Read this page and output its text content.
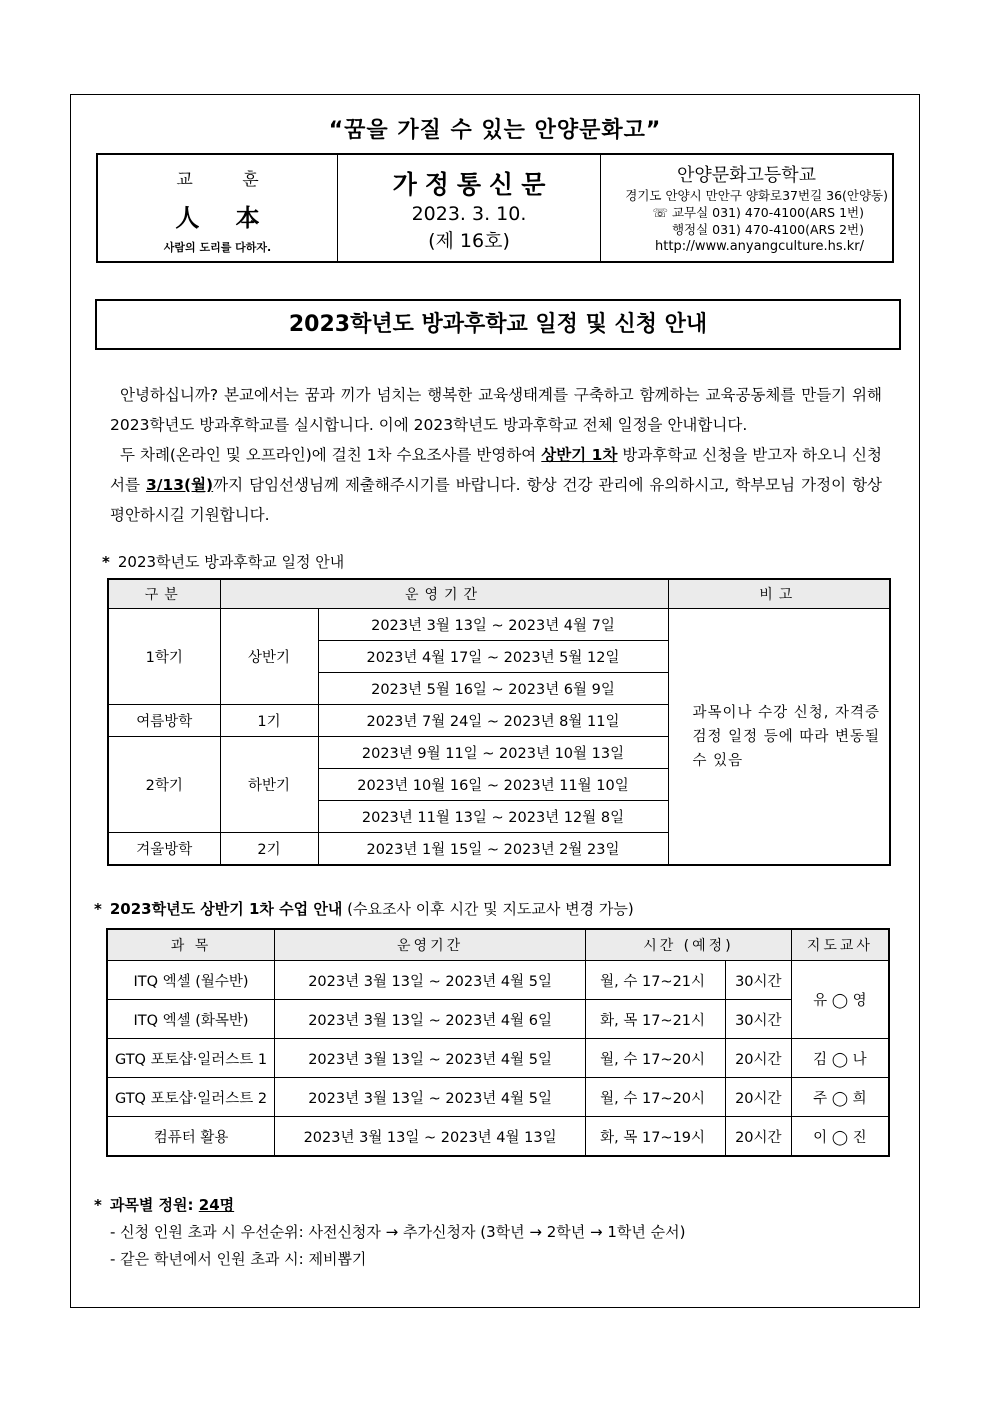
“꿈을 가질 수 있는 안양문화고”
교 훈
人 本
사람의 도리를 다하자.
가정통신문
2023. 3. 10.
(제 16호)
안양문화고등학교
경기도 안양시 만안구 양화로37번길 36(안양동)
☏ 교무실 031) 470-4100(ARS 1번)
행정실 031) 470-4100(ARS 2번)
http://www.anyangculture.hs.kr/
2023학년도 방과후학교 일정 및 신청 안내

안녕하십니까? 본교에서는 꿈과 끼가 넘치는 행복한 교육생태계를 구축하고 함께하는 교육공동체를 만들기 위해 2023학년도 방과후학교를 실시합니다. 이에 2023학년도 방과후학교 전체 일정을 안내합니다.

두 차례(온라인 및 오프라인)에 걸친 1차 수요조사를 반영하여 상반기 1차 방과후학교 신청을 받고자 하오니 신청서를 3/13(월)까지 담임선생님께 제출해주시기를 바랍니다. 항상 건강 관리에 유의하시고, 학부모님 가정이 항상 평안하시길 기원합니다.

* 2023학년도 방과후학교 일정 안내
구분	운영기간		비고
1학기	상반기	2023년 3월 13일 ~ 2023년 4월 7일	과목이나 수강 신청, 자격증 검정 일정 등에 따라 변동될 수 있음
		2023년 4월 17일 ~ 2023년 5월 12일	
		2023년 5월 16일 ~ 2023년 6월 9일	
여름방학	1기	2023년 7월 24일 ~ 2023년 8월 11일	
2학기	하반기	2023년 9월 11일 ~ 2023년 10월 13일	
		2023년 10월 16일 ~ 2023년 11월 10일	
		2023년 11월 13일 ~ 2023년 12월 8일	
겨울방학	2기	2023년 1월 15일 ~ 2023년 2월 23일	
* 2023학년도 상반기 1차 수업 안내 (수요조사 이후 시간 및 지도교사 변경 가능)
과 목	운영기간	시간 (예정)		지도교사
ITQ 엑셀 (월수반)	2023년 3월 13일 ~ 2023년 4월 5일	월, 수 17~21시	30시간	유 ◯ 영
ITQ 엑셀 (화목반)	2023년 3월 13일 ~ 2023년 4월 6일	화, 목 17~21시	30시간	
GTQ 포토샵·일러스트 1	2023년 3월 13일 ~ 2023년 4월 5일	월, 수 17~20시	20시간	김 ◯ 나
GTQ 포토샵·일러스트 2	2023년 3월 13일 ~ 2023년 4월 5일	월, 수 17~20시	20시간	주 ◯ 희
컴퓨터 활용	2023년 3월 13일 ~ 2023년 4월 13일	화, 목 17~19시	20시간	이 ◯ 진
* 과목별 정원: 24명
- 신청 인원 초과 시 우선순위: 사전신청자 → 추가신청자 (3학년 → 2학년 → 1학년 순서)
- 같은 학년에서 인원 초과 시: 제비뽑기
